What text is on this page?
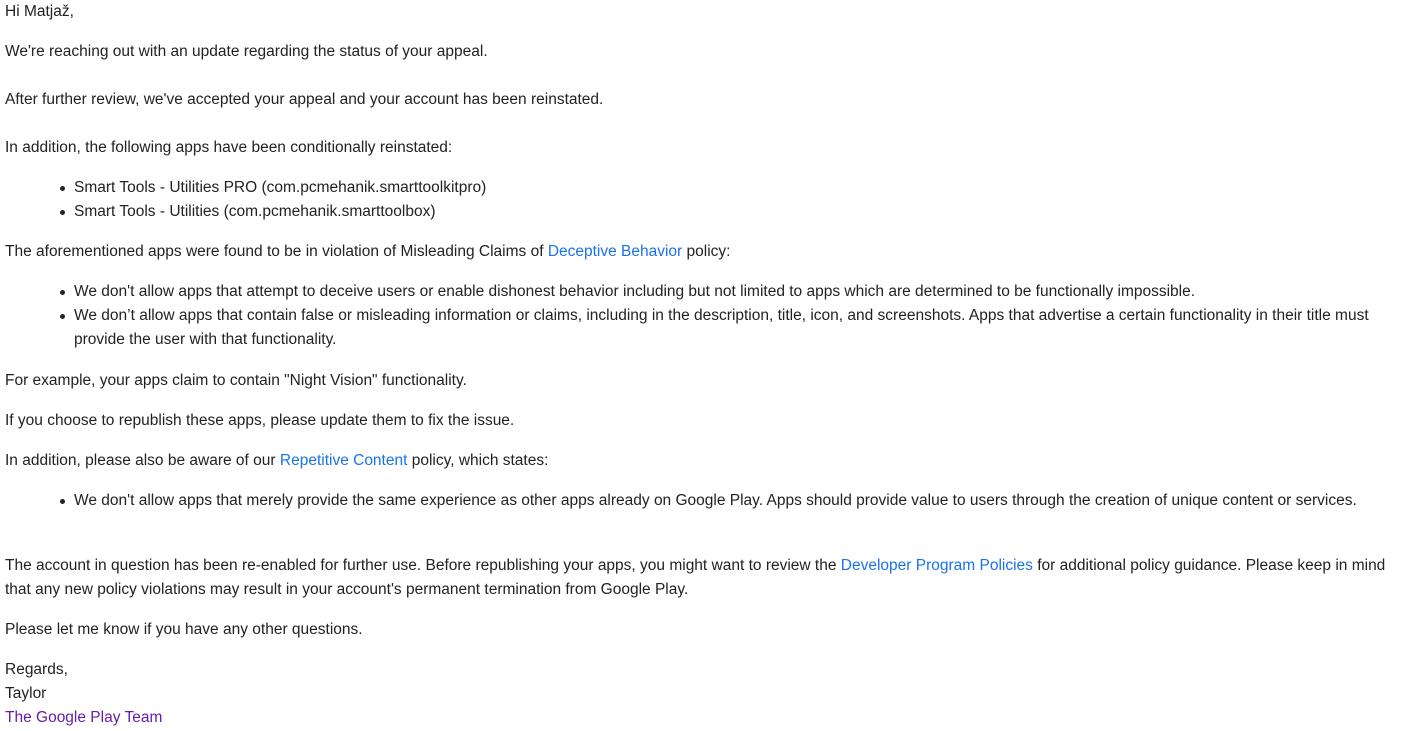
Hi Matjaž,
We're reaching out with an update regarding the status of your appeal.
After further review, we've accepted your appeal and your account has been reinstated.
In addition, the following apps have been conditionally reinstated:
Smart Tools - Utilities PRO (com.pcmehanik.smarttoolkitpro)
Smart Tools - Utilities (com.pcmehanik.smarttoolbox)
The aforementioned apps were found to be in violation of Misleading Claims of Deceptive Behavior policy:
We don't allow apps that attempt to deceive users or enable dishonest behavior including but not limited to apps which are determined to be functionally impossible.
We don’t allow apps that contain false or misleading information or claims, including in the description, title, icon, and screenshots. Apps that advertise a certain functionality in their title must provide the user with that functionality.
For example, your apps claim to contain "Night Vision" functionality.
If you choose to republish these apps, please update them to fix the issue.
In addition, please also be aware of our Repetitive Content policy, which states:
We don't allow apps that merely provide the same experience as other apps already on Google Play. Apps should provide value to users through the creation of unique content or services.
The account in question has been re-enabled for further use. Before republishing your apps, you might want to review the Developer Program Policies for additional policy guidance. Please keep in mind that any new policy violations may result in your account's permanent termination from Google Play.
Please let me know if you have any other questions.
Regards,
Taylor
The Google Play Team
